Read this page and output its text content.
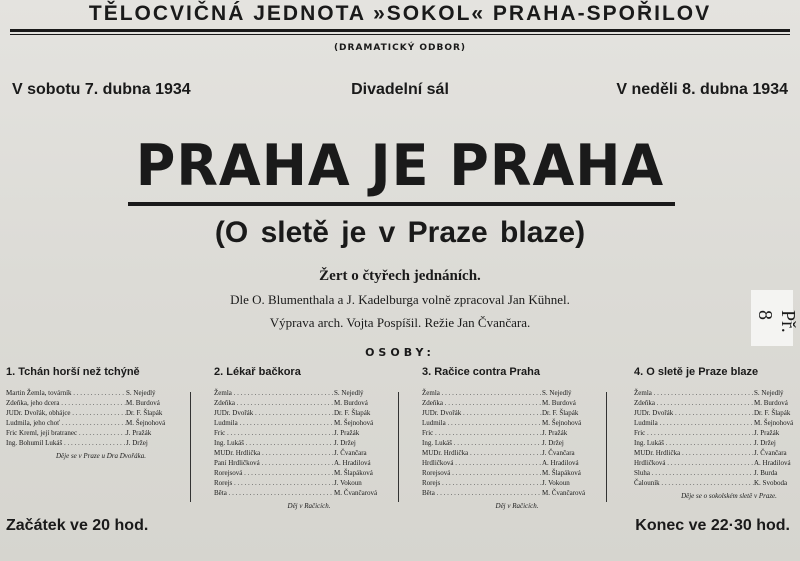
TĚLOCVIČNÁ JEDNOTA »SOKOL« PRAHA-SPOŘILOV
(DRAMATICKÝ ODBOR)
V sobotu 7. dubna 1934	Divadelní sál	V neděli 8. dubna 1934
PRAHA JE PRAHA
(O sletě je v Praze blaze)
Žert o čtyřech jednáních.
Dle O. Blumenthala a J. Kadelburga volně zpracoval Jan Kühnel.
Výprava arch. Vojta Pospíšil. Režie Jan Čvančara.
OSOBY:
1. Tchán horší než tchýně
Martin Žemla, továrník . . .	S. Nejedlý
Zdeňka, jeho dcera . . .	M. Burdová
JUDr. Dvořák, obhájce . . .	Dr. F. Šlapák
Ludmila, jeho choť . . .	M. Šejnohová
Fric Kreml, její bratranec . . .	J. Pražák
Ing. Bohumil Lukáš . . .	J. Držej
Děje se v Praze u Dra Dvořáka.
2. Lékař bačkora
Žemla . . .	S. Nejedlý
Zdeňka . . .	M. Burdová
JUDr. Dvořák . . .	Dr. F. Šlapák
Ludmila . . .	M. Šejnohová
Fric . . .	J. Pražák
Ing. Lukáš . . .	J. Držej
MUDr. Hrdlička . . .	J. Čvančara
Paní Hrdličková . . .	A. Hradilová
Rorejsová . . .	M. Šlapáková
Rorejs . . .	J. Vokoun
Běta . . .	M. Čvančarová
Děj v Račicích.
3. Račice contra Praha
Žemla . . .	S. Nejedlý
Zdeňka . . .	M. Burdová
JUDr. Dvořák . . .	Dr. F. Šlapák
Ludmila . . .	M. Šejnohová
Fric . . .	J. Pražák
Ing. Lukáš . . .	J. Držej
MUDr. Hrdlička . . .	J. Čvančara
Hrdličková . . .	A. Hradilová
Rorejsová . . .	M. Šlapáková
Rorejs . . .	J. Vokoun
Běta . . .	M. Čvančarová
Děj v Račicích.
4. O sletě je Praze blaze
Žemla . . .	S. Nejedlý
Zdeňka . . .	M. Burdová
JUDr. Dvořák . . .	Dr. F. Šlapák
Ludmila . . .	M. Šejnohová
Fric . . .	J. Pražák
Ing. Lukáš . . .	J. Držej
MUDr. Hrdlička . . .	J. Čvančara
Hrdličková . . .	A. Hradilová
Sluha . . .	J. Burda
Čalouník . . .	K. Svoboda
Děje se o sokolském sletě v Praze.
Začátek ve 20 hod.	Konec ve 22·30 hod.
Př. 8
